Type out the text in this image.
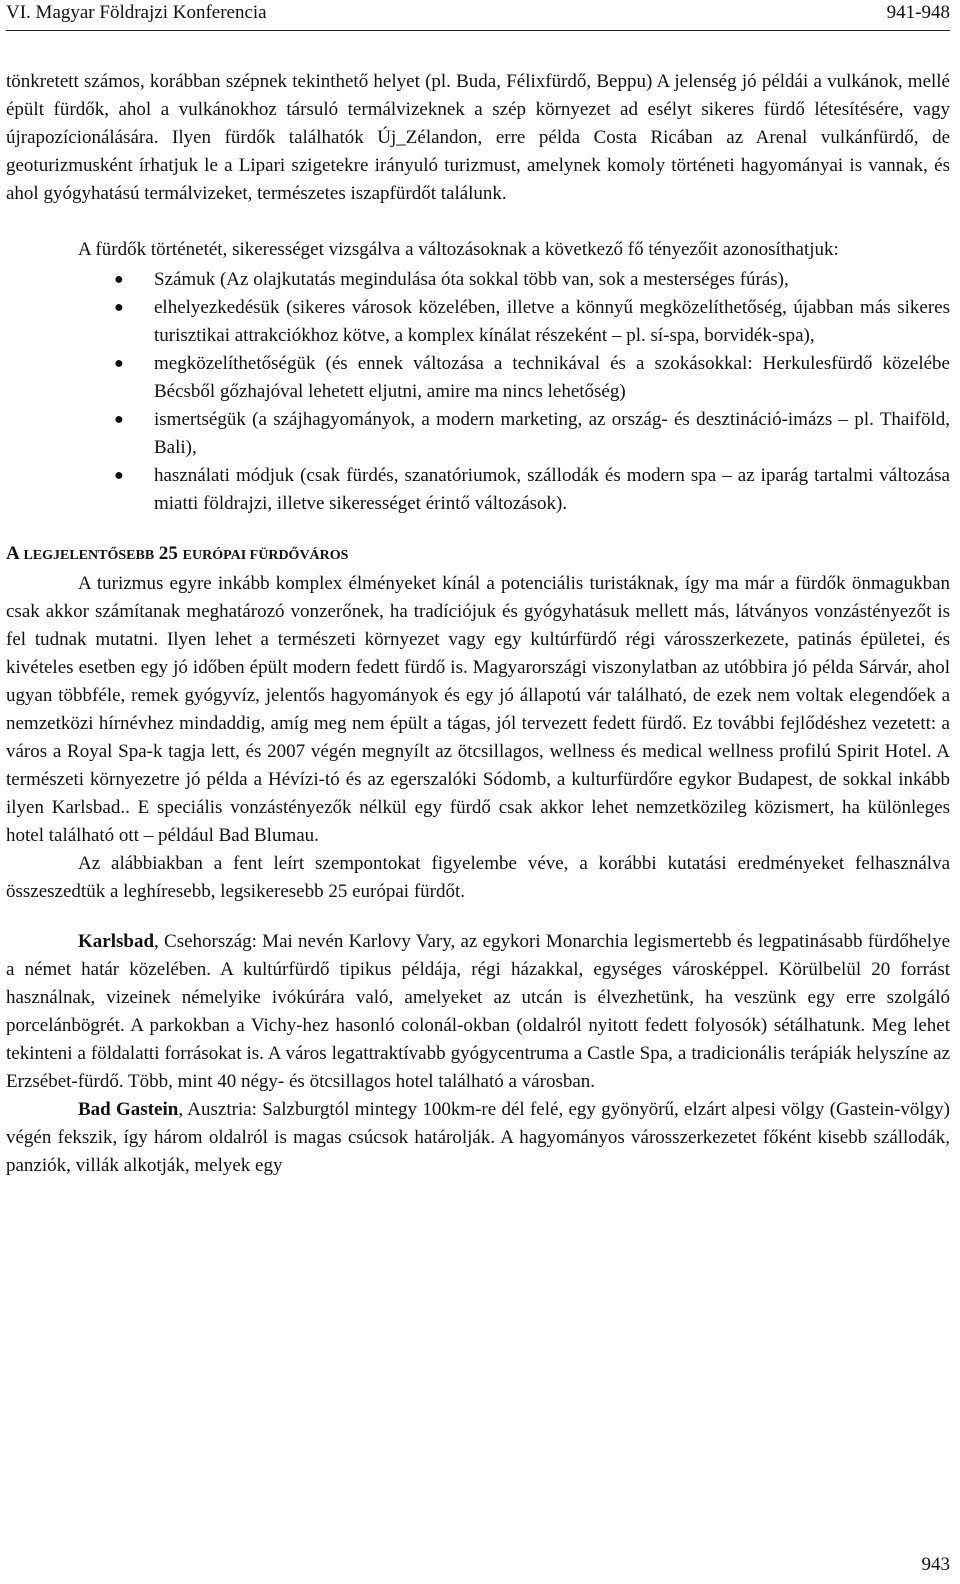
VI. Magyar Földrajzi Konferencia	941-948

tönkretett számos, korábban szépnek tekinthető helyet (pl. Buda, Félixfürdő, Beppu) A jelenség jó példái a vulkánok, mellé épült fürdők, ahol a vulkánokhoz társuló termálvizeknek a szép környezet ad esélyt sikeres fürdő létesítésére, vagy újrapozícionálására. Ilyen fürdők találhatók Új_Zélandon, erre példa Costa Ricában az Arenal vulkánfürdő, de geoturizmusként írhatjuk le a Lipari szigetekre irányuló turizmust, amelynek komoly történeti hagyományai is vannak, és ahol gyógyhatású termálvizeket, természetes iszapfürdőt találunk.

A fürdők történetét, sikerességet vizsgálva a változásoknak a következő fő tényezőit azonosíthatjuk:

● Számuk (Az olajkutatás megindulása óta sokkal több van, sok a mesterséges fúrás),
● elhelyezkedésük (sikeres városok közelében, illetve a könnyű megközelíthetőség, újabban más sikeres turisztikai attrakciókhoz kötve, a komplex kínálat részeként – pl. sí-spa, borvidék-spa),
● megközelíthetőségük (és ennek változása a technikával és a szokásokkal: Herkulesfürdő közelébe Bécsből gőzhajóval lehetett eljutni, amire ma nincs lehetőség)
● ismertségük (a szájhagyományok, a modern marketing, az ország- és desztináció-imázs – pl. Thaiföld, Bali),
● használati módjuk (csak fürdés, szanatóriumok, szállodák és modern spa – az iparág tartalmi változása miatti földrajzi, illetve sikerességet érintő változások).
A LEGJELENTŐSEBB 25 EURÓPAI FÜRDŐVÁROS

A turizmus egyre inkább komplex élményeket kínál a potenciális turistáknak, így ma már a fürdők önmagukban csak akkor számítanak meghatározó vonzerőnek, ha tradíciójuk és gyógyhatásuk mellett más, látványos vonzástényezőt is fel tudnak mutatni. Ilyen lehet a természeti környezet vagy egy kultúrfürdő régi városszerkezete, patinás épületei, és kivételes esetben egy jó időben épült modern fedett fürdő is. Magyarországi viszonylatban az utóbbira jó példa Sárvár, ahol ugyan többféle, remek gyógyvíz, jelentős hagyományok és egy jó állapotú vár található, de ezek nem voltak elegendőek a nemzetközi hírnévhez mindaddig, amíg meg nem épült a tágas, jól tervezett fedett fürdő. Ez további fejlődéshez vezetett: a város a Royal Spa-k tagja lett, és 2007 végén megnyílt az ötcsillagos, wellness és medical wellness profilú Spirit Hotel. A természeti környezetre jó példa a Hévízi-tó és az egerszalóki Sódomb, a kulturfürdőre egykor Budapest, de sokkal inkább ilyen Karlsbad.. E speciális vonzástényezők nélkül egy fürdő csak akkor lehet nemzetközileg közismert, ha különleges hotel található ott – például Bad Blumau.

Az alábbiakban a fent leírt szempontokat figyelembe véve, a korábbi kutatási eredményeket felhasználva összeszedtük a leghíresebb, legsikeresebb 25 európai fürdőt.

Karlsbad, Csehország: Mai nevén Karlovy Vary, az egykori Monarchia legismertebb és legpatinásabb fürdőhelye a német határ közelében. A kultúrfürdő tipikus példája, régi házakkal, egységes városképpel. Körülbelül 20 forrást használnak, vizeinek némelyike ivókúrára való, amelyeket az utcán is élvezhetünk, ha veszünk egy erre szolgáló porcelánbögrét. A parkokban a Vichy-hez hasonló colonál-okban (oldalról nyitott fedett folyosók) sétálhatunk. Meg lehet tekinteni a földalatti forrásokat is. A város legattraktívabb gyógycentruma a Castle Spa, a tradicionális terápiák helyszíne az Erzsébet-fürdő. Több, mint 40 négy- és ötcsillagos hotel található a városban.

Bad Gastein, Ausztria: Salzburgtól mintegy 100km-re dél felé, egy gyönyörű, elzárt alpesi völgy (Gastein-völgy) végén fekszik, így három oldalról is magas csúcsok határolják. A hagyományos városszerkezetet főként kisebb szállodák, panziók, villák alkotják, melyek egy

943
